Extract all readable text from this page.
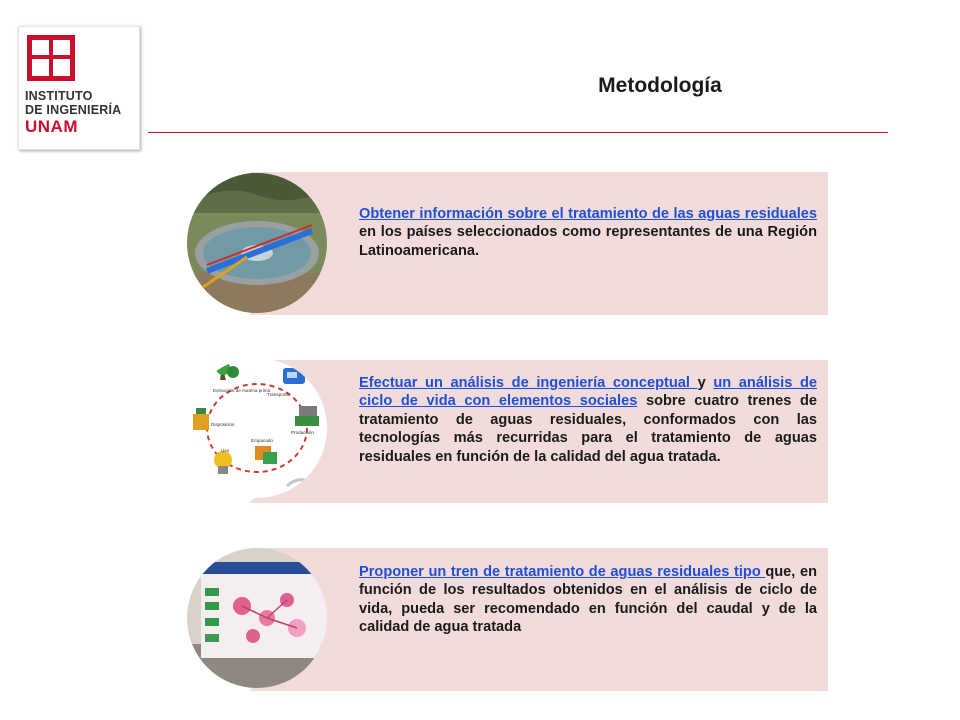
INSTITUTO
DE INGENIERÍA
UNAM
Metodología
Obtener información sobre el tratamiento de las aguas residuales en los países seleccionados como representantes de una Región Latinoamericana.
Efectuar un análisis de ingeniería conceptual y un análisis de ciclo de vida con elementos sociales sobre cuatro trenes de tratamiento de aguas residuales, conformados con las tecnologías más recurridas para el tratamiento de aguas residuales en función de la calidad del agua tratada.
Proponer un tren de tratamiento de aguas residuales tipo que, en función de los resultados obtenidos en el análisis de ciclo de vida, pueda ser recomendado en función del caudal y de la calidad de agua tratada
Extracción de materia prima
Transporte
Producción
Empacado
Uso
Disposición
